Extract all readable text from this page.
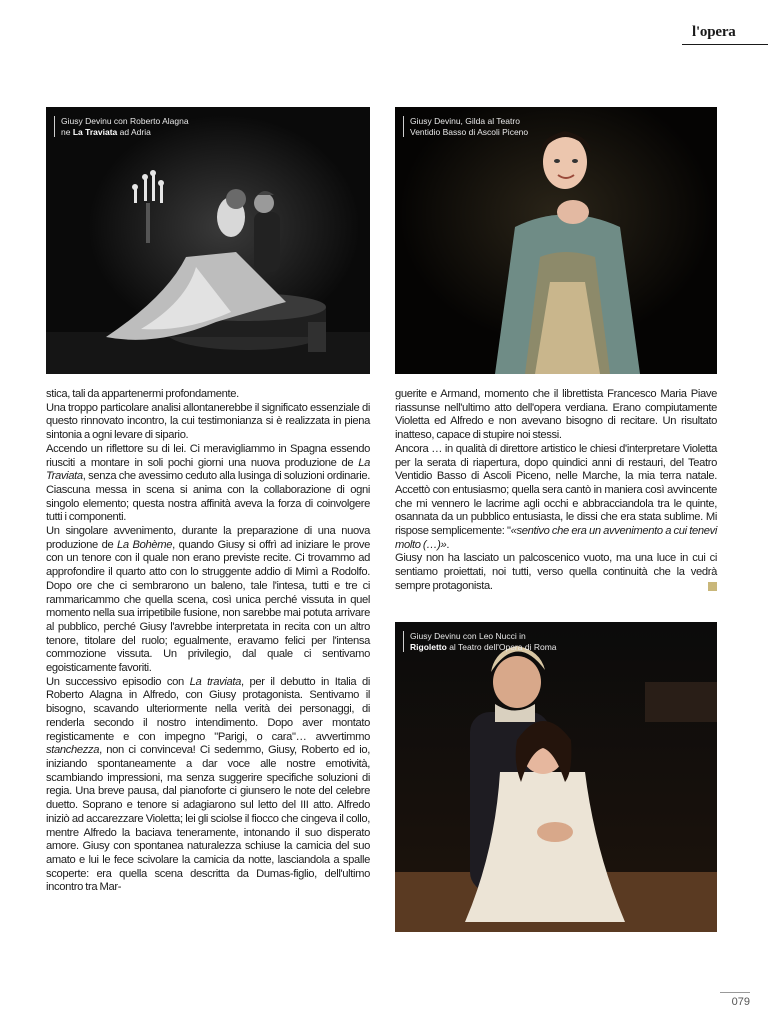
l'opera
Giusy Devinu con Roberto Alagna
ne La Traviata ad Adria
Giusy Devinu, Gilda al Teatro
Ventidio Basso di Ascoli Piceno

stica, tali da appartenermi profondamente.

Una troppo particolare analisi allontanerebbe il significato essenziale di questo rinnovato incontro, la cui testimonianza si è realizzata in piena sintonia a ogni levare di sipario.

Accendo un riflettore su di lei. Ci meravigliammo in Spagna essendo riusciti a montare in soli pochi giorni una nuova produzione de La Traviata, senza che avessimo ceduto alla lusinga di soluzioni ordinarie. Ciascuna messa in scena si anima con la collaborazione di ogni singolo elemento; questa nostra affinità aveva la forza di coinvolgere tutti i componenti.

Un singolare avvenimento, durante la preparazione di una nuova produzione de La Bohème, quando Giusy si offrì ad iniziare le prove con un tenore con il quale non erano previste recite. Ci trovammo ad approfondire il quarto atto con lo struggente addio di Mimì a Rodolfo. Dopo ore che ci sembrarono un baleno, tale l'intesa, tutti e tre ci rammaricammo che quella scena, così unica perché vissuta in quel momento nella sua irripetibile fusione, non sarebbe mai potuta arrivare al pubblico, perché Giusy l'avrebbe interpretata in recita con un altro tenore, titolare del ruolo; egualmente, eravamo felici per l'intensa commozione vissuta. Un privilegio, dal quale ci sentivamo egoisticamente favoriti.

Un successivo episodio con La traviata, per il debutto in Italia di Roberto Alagna in Alfredo, con Giusy protagonista. Sentivamo il bisogno, scavando ulteriormente nella verità dei personaggi, di renderla secondo il nostro intendimento. Dopo aver montato registicamente e con impegno "Parigi, o cara"… avvertimmo stanchezza, non ci convinceva! Ci sedemmo, Giusy, Roberto ed io, iniziando spontaneamente a dar voce alle nostre emotività, scambiando impressioni, ma senza suggerire specifiche soluzioni di regia. Una breve pausa, dal pianoforte ci giunsero le note del celebre duetto. Soprano e tenore si adagiarono sul letto del III atto. Alfredo iniziò ad accarezzare Violetta; lei gli sciolse il fiocco che cingeva il collo, mentre Alfredo la baciava teneramente, intonando il suo disperato amore. Giusy con spontanea naturalezza schiuse la camicia del suo amato e lui le fece scivolare la camicia da notte, lasciandola a spalle scoperte: era quella scena descritta da Dumas-figlio, dell'ultimo incontro tra Mar-

guerite e Armand, momento che il librettista Francesco Maria Piave riassunse nell'ultimo atto dell'opera verdiana. Erano compiutamente Violetta ed Alfredo e non avevano bisogno di recitare. Un risultato inatteso, capace di stupire noi stessi.

Ancora … in qualità di direttore artistico le chiesi d'interpretare Violetta per la serata di riapertura, dopo quindici anni di restauri, del Teatro Ventidio Basso di Ascoli Piceno, nelle Marche, la mia terra natale. Accettò con entusiasmo; quella sera cantò in maniera così avvincente che mi vennero le lacrime agli occhi e abbracciandola tra le quinte, osannata da un pubblico entusiasta, le dissi che era stata sublime. Mi rispose semplicemente: "«sentivo che era un avvenimento a cui tenevi molto (…)».

Giusy non ha lasciato un palcoscenico vuoto, ma una luce in cui ci sentiamo proiettati, noi tutti, verso quella continuità che la vedrà sempre protagonista.

Giusy Devinu con Leo Nucci in
Rigoletto al Teatro dell'Opera di Roma
079
